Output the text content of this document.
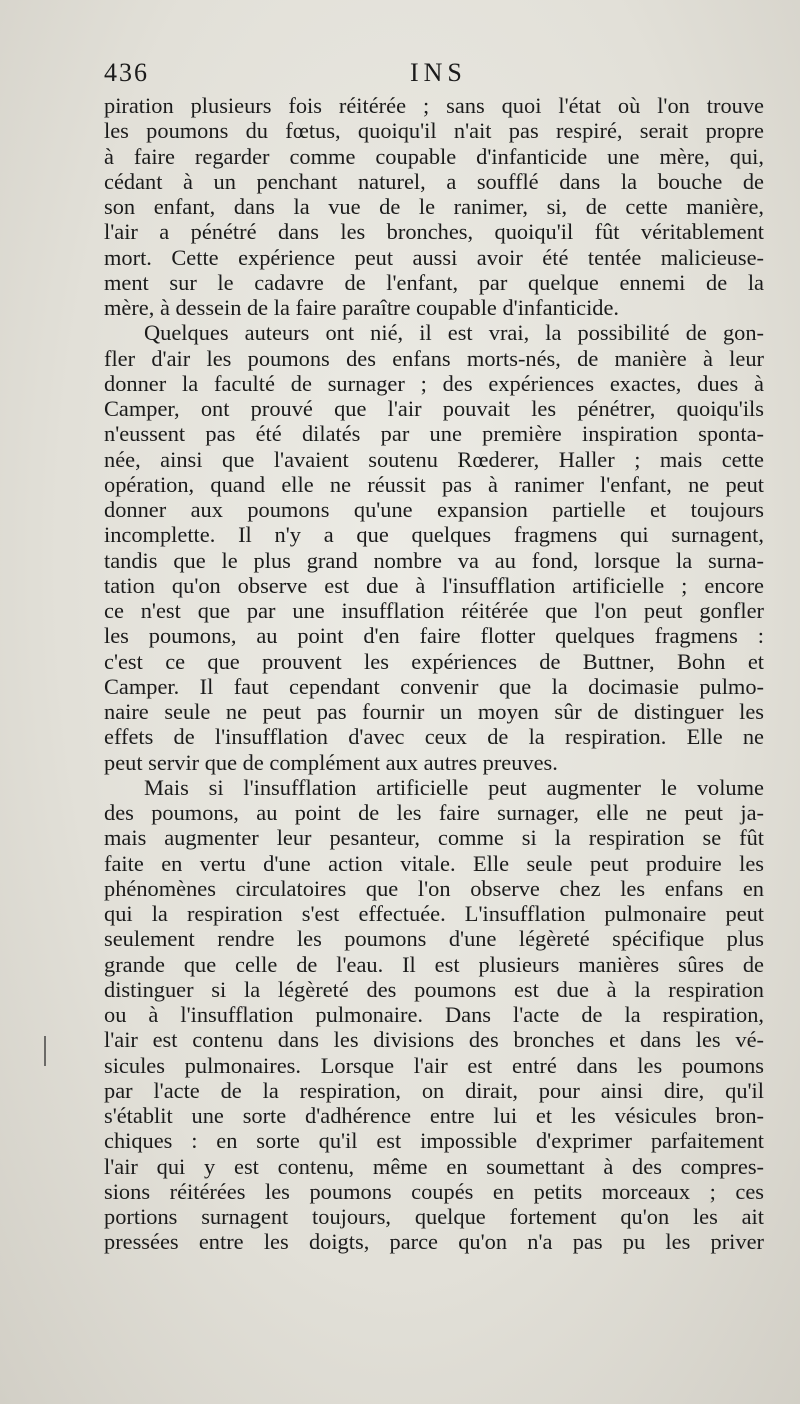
436	INS
piration plusieurs fois réitérée ; sans quoi l'état où l'on trouve
les poumons du fœtus, quoiqu'il n'ait pas respiré, serait propre
à faire regarder comme coupable d'infanticide une mère, qui,
cédant à un penchant naturel, a soufflé dans la bouche de
son enfant, dans la vue de le ranimer, si, de cette manière,
l'air a pénétré dans les bronches, quoiqu'il fût véritablement
mort. Cette expérience peut aussi avoir été tentée malicieuse-
ment sur le cadavre de l'enfant, par quelque ennemi de la
mère, à dessein de la faire paraître coupable d'infanticide.
Quelques auteurs ont nié, il est vrai, la possibilité de gon-
fler d'air les poumons des enfans morts-nés, de manière à leur
donner la faculté de surnager ; des expériences exactes, dues à
Camper, ont prouvé que l'air pouvait les pénétrer, quoiqu'ils
n'eussent pas été dilatés par une première inspiration sponta-
née, ainsi que l'avaient soutenu Rœderer, Haller ; mais cette
opération, quand elle ne réussit pas à ranimer l'enfant, ne peut
donner aux poumons qu'une expansion partielle et toujours
incomplette. Il n'y a que quelques fragmens qui surnagent,
tandis que le plus grand nombre va au fond, lorsque la surna-
tation qu'on observe est due à l'insufflation artificielle ; encore
ce n'est que par une insufflation réitérée que l'on peut gonfler
les poumons, au point d'en faire flotter quelques fragmens :
c'est ce que prouvent les expériences de Buttner, Bohn et
Camper. Il faut cependant convenir que la docimasie pulmo-
naire seule ne peut pas fournir un moyen sûr de distinguer les
effets de l'insufflation d'avec ceux de la respiration. Elle ne
peut servir que de complément aux autres preuves.
Mais si l'insufflation artificielle peut augmenter le volume
des poumons, au point de les faire surnager, elle ne peut ja-
mais augmenter leur pesanteur, comme si la respiration se fût
faite en vertu d'une action vitale. Elle seule peut produire les
phénomènes circulatoires que l'on observe chez les enfans en
qui la respiration s'est effectuée. L'insufflation pulmonaire peut
seulement rendre les poumons d'une légèreté spécifique plus
grande que celle de l'eau. Il est plusieurs manières sûres de
distinguer si la légèreté des poumons est due à la respiration
ou à l'insufflation pulmonaire. Dans l'acte de la respiration,
l'air est contenu dans les divisions des bronches et dans les vé-
sicules pulmonaires. Lorsque l'air est entré dans les poumons
par l'acte de la respiration, on dirait, pour ainsi dire, qu'il
s'établit une sorte d'adhérence entre lui et les vésicules bron-
chiques : en sorte qu'il est impossible d'exprimer parfaitement
l'air qui y est contenu, même en soumettant à des compres-
sions réitérées les poumons coupés en petits morceaux ; ces
portions surnagent toujours, quelque fortement qu'on les ait
pressées entre les doigts, parce qu'on n'a pas pu les priver
